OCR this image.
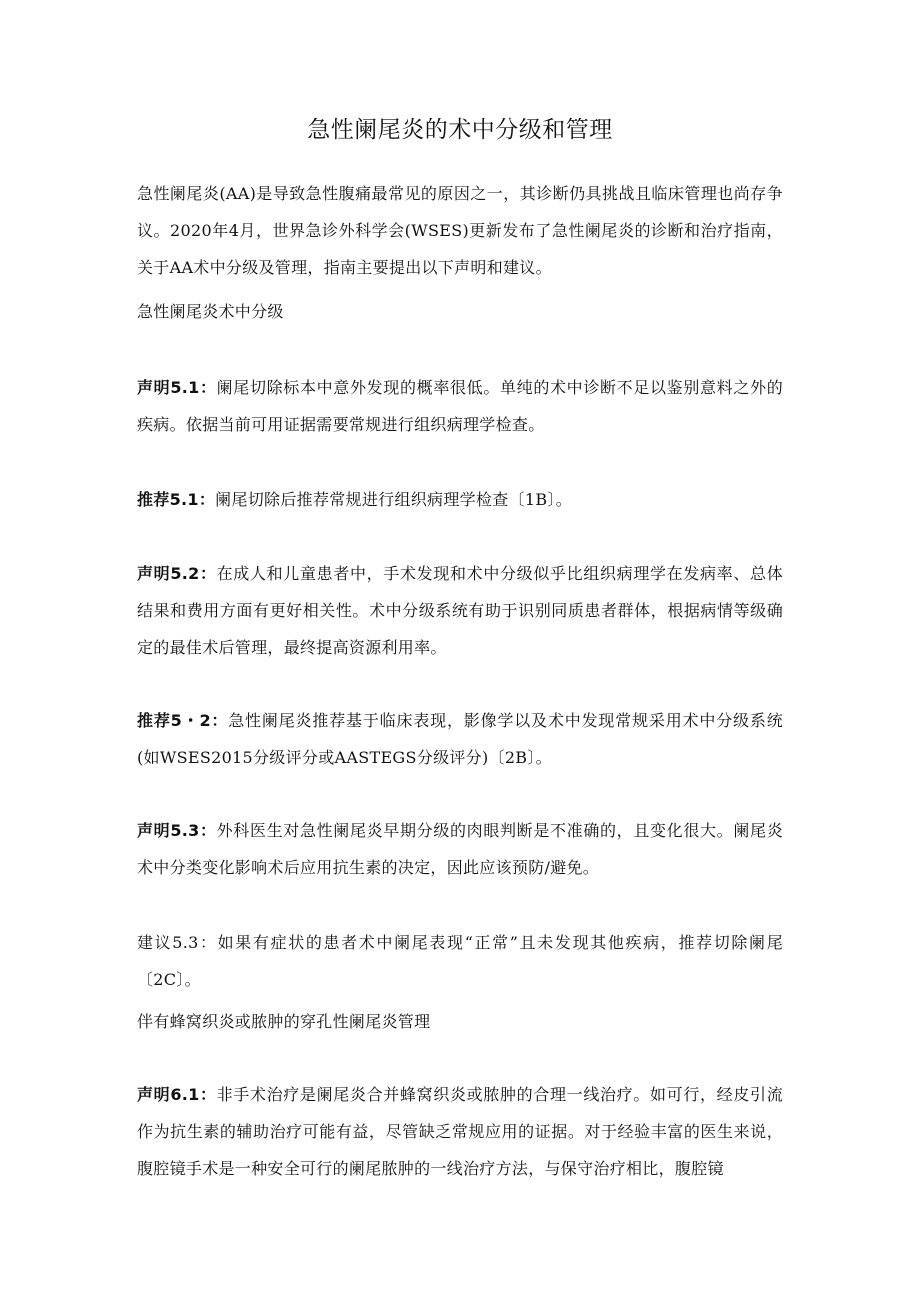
急性阑尾炎的术中分级和管理

急性阑尾炎(AA)是导致急性腹痛最常见的原因之一，其诊断仍具挑战且临床管理也尚存争议。2020年4月，世界急诊外科学会(WSES)更新发布了急性阑尾炎的诊断和治疗指南，关于AA术中分级及管理，指南主要提出以下声明和建议。

急性阑尾炎术中分级

声明5.1：阑尾切除标本中意外发现的概率很低。单纯的术中诊断不足以鉴别意料之外的疾病。依据当前可用证据需要常规进行组织病理学检查。

推荐5.1：阑尾切除后推荐常规进行组织病理学检查〔1B〕。

声明5.2：在成人和儿童患者中，手术发现和术中分级似乎比组织病理学在发病率、总体结果和费用方面有更好相关性。术中分级系统有助于识别同质患者群体，根据病情等级确定的最佳术后管理，最终提高资源利用率。

推荐5・2：急性阑尾炎推荐基于临床表现，影像学以及术中发现常规采用术中分级系统(如WSES2015分级评分或AASTEGS分级评分)〔2B〕。

声明5.3：外科医生对急性阑尾炎早期分级的肉眼判断是不准确的，且变化很大。阑尾炎术中分类变化影响术后应用抗生素的决定，因此应该预防/避免。

建议5.3：如果有症状的患者术中阑尾表现“正常”且未发现其他疾病，推荐切除阑尾〔2C〕。

伴有蜂窝织炎或脓肿的穿孔性阑尾炎管理

声明6.1：非手术治疗是阑尾炎合并蜂窝织炎或脓肿的合理一线治疗。如可行，经皮引流作为抗生素的辅助治疗可能有益，尽管缺乏常规应用的证据。对于经验丰富的医生来说，腹腔镜手术是一种安全可行的阑尾脓肿的一线治疗方法，与保守治疗相比，腹腔镜
